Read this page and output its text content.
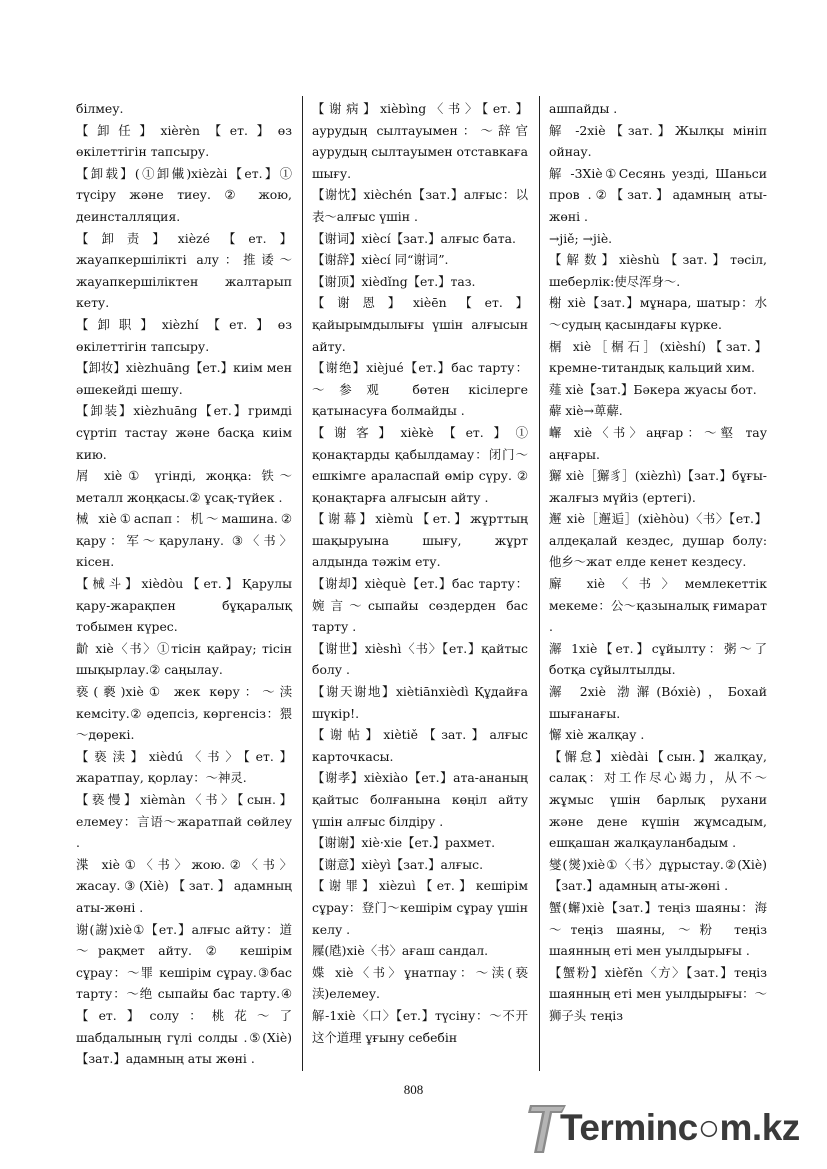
білмеу.

【卸任】xièrèn【ет.】өз өкілеттігін тапсыру.

【卸载】(①卸儎)xièzài【ет.】① түсіру және тиеу. ② жою, деинсталляция.

【卸责】xièzé【ет.】жауапкершілікті алу：推诿～жауапкершіліктен жалтарып кету.

【卸职】xièzhí【ет.】өз өкілеттігін тапсыру.

【卸妆】xièzhuāng【ет.】киім мен әшекейді шешу.

【卸装】xièzhuāng【ет.】гримді сүртіп тастау және басқа киім кию.

屑 xiè① үгінді, жоңқа: 铁～металл жоңқасы.② ұсақ-түйек .

械 xiè①аспап：机～машина.② қару：军～қарулану. ③〈书〉кісен.

【械斗】xièdòu【ет.】Қарулы қару-жарақпен бұқаралық тобымен күрес.

齘 xiè〈书〉①тісін қайрау; тісін шықырлау.② саңылау.

亵(褻)xiè① жек көру：～渎 кемсіту.② әдепсіз, көргенсіз：猥～дөрекі.

【亵渎】xièdú〈书〉【ет.】жаратпау, қорлау：～神灵.

【亵慢】xièmàn〈书〉【сын.】елемеу：言语～жаратпай сөйлеу .

渫 xiè①〈书〉жою.②〈书〉жасау.③(Xiè)【зат.】адамның аты-жөні .

谢(謝)xiè①【ет.】алғыс айту：道～рақмет айту. ② кешірім сұрау：～罪 кешірім сұрау.③бас тарту：～绝 сыпайы бас тарту.④【ет.】солу：桃花～了 шабдалының гүлі солды .⑤(Xiè)【зат.】адамның аты жөні .

【谢病】xièbìng〈书〉【ет.】аурудың сылтауымен：～辞官 аурудың сылтауымен отставкаға шығу.

【谢忱】xièchén【зат.】алғыс：以表～алғыс үшін .

【谢词】xiècí【зат.】алғыс бата.

【谢辞】xiècí 同“谢词”.

【谢顶】xièdǐng【ет.】таз.

【谢恩】xièēn【ет.】қайырымдылығы үшін алғысын айту.

【谢绝】xièjué【ет.】бас тарту：～参观 бөтен кісілерге қатынасуға болмайды .

【谢客】xièkè【ет.】① қонақтарды қабылдамау：闭门～ешкімге араласпай өмір сүру. ② қонақтарға алғысын айту .

【谢幕】xièmù【ет.】жұрттың шақыруына шығу, жұрт алдында тәжім ету.

【谢却】xièquè【ет.】бас тарту：婉言～сыпайы сөздерден бас тарту .

【谢世】xièshì〈书〉【ет.】қайтыс болу .

【谢天谢地】xiètiānxièdì Құдайға шүкір!.

【谢帖】xiètiě【зат.】алғыс карточкасы.

【谢孝】xièxiào【ет.】ата-ананың қайтыс болғанына көңіл айту үшін алғыс білдіру .

【谢谢】xiè·xie【ет.】рахмет.

【谢意】xièyì【зат.】алғыс.

【谢罪】xièzuì【ет.】кешірім сұрау：登门～кешірім сұрау үшін келу .

屧(𡲥)xiè〈书〉ағаш сандал.

媟 xiè〈书〉ұнатпау：～渎(亵渎)елемеу.

解-1xiè〈口〉【ет.】түсіну：～不开这个道理 ұғыну себебін

ашпайды .

解 -2xiè【зат.】Жылқы мініп ойнау.

解 -3Xiè①Сесянь уезді, Шаньси пров .②【зат.】адамның аты-жөні .

→jiě; →jiè.

【解数】xièshù【зат.】тәсіл, шеберлік:使尽浑身～.

榭 xiè【зат.】мұнара, шатыр：水～судың қасындағы күрке.

榍 xiè［榍石］(xièshí)【зат.】кремне-титандық кальций хим.

薤 xiè【зат.】Бәкера жуасы бот.

薢 xiè→萆薢.

嶰 xiè〈书〉аңғар：～壑 тау аңғары.

獬 xiè［獬豸］(xièzhì)【зат.】бұғы-жалғыз мүйіз (ертегі).

邂 xiè［邂逅］(xièhòu)〈书〉【ет.】алдеқалай кездес, душар болу: 他乡～жат елде кенет кездесу.

廨 xiè〈书〉мемлекеттік мекеме：公～қазыналық ғимарат .

澥 1xiè【ет.】сұйылту：粥～了 ботқа сұйылтылды.

澥 2xiè 渤澥(Bóxiè)，Бохай шығанағы.

懈 xiè жалқау .

【懈怠】xièdài【сын.】жалқау, салақ：对工作尽心竭力，从不～жұмыс үшін барлық рухани және дене күшін жұмсадым, ешқашан жалқауланбадым .

燮(爕)xiè①〈书〉дұрыстау.②(Xiè)【зат.】адамның аты-жөні .

蟹(蠏)xiè【зат.】теңіз шаяны：海～теңіз шаяны, ～粉 теңіз шаянның еті мен уылдырығы .

【蟹粉】xièfěn〈方〉【зат.】теңіз шаянның еті мен уылдырығы：～狮子头 теңіз

808
Terminc○m.kz
